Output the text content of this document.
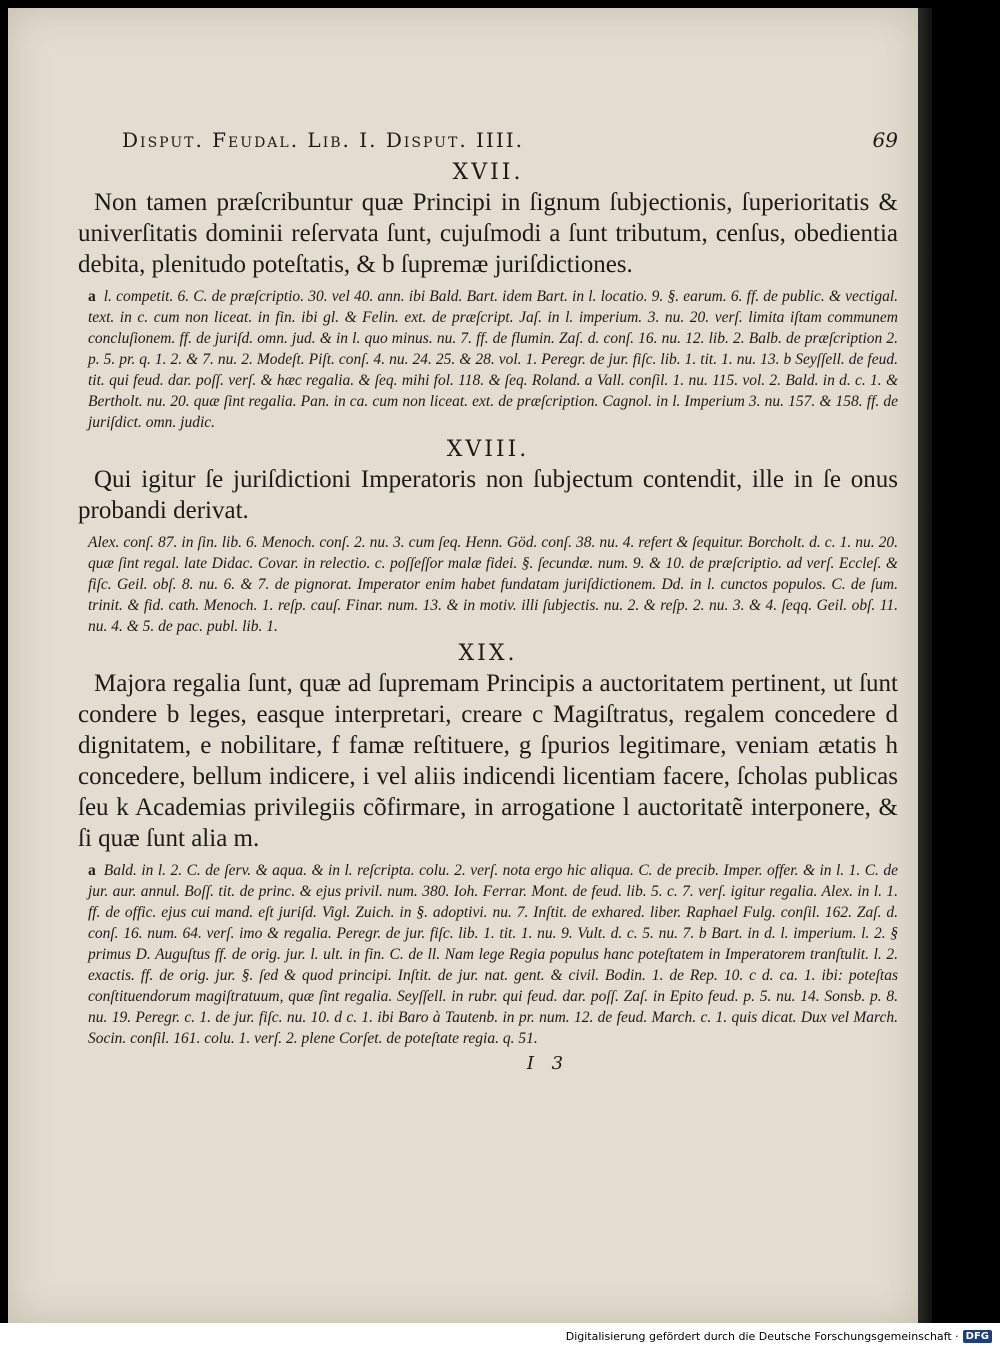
Disput. Feudal. Lib. I. Disput. IIII.	69
XVII.

Non tamen præſcribuntur quæ Principi in ſignum ſubjectionis, ſuperioritatis & univerſitatis dominii reſervata ſunt, cujuſmodi a ſunt tributum, cenſus, obedientia debita, plenitudo poteſtatis, & b ſupremæ juriſdictiones.

a l. competit. 6. C. de præſcriptio. 30. vel 40. ann. ibi Bald. Bart. idem Bart. in l. locatio. 9. §. earum. 6. ff. de public. & vectigal. text. in c. cum non liceat. in fin. ibi gl. & Felin. ext. de præſcript. Jaſ. in l. imperium. 3. nu. 20. verſ. limita iſtam communem concluſionem. ff. de juriſd. omn. jud. & in l. quo minus. nu. 7. ff. de flumin. Zaſ. d. conſ. 16. nu. 12. lib. 2. Balb. de præſcription 2. p. 5. pr. q. 1. 2. & 7. nu. 2. Modeſt. Piſt. conſ. 4. nu. 24. 25. & 28. vol. 1. Peregr. de jur. fiſc. lib. 1. tit. 1. nu. 13. b Seyſſell. de feud. tit. qui feud. dar. poſſ. verſ. & hæc regalia. & ſeq. mihi fol. 118. & ſeq. Roland. a Vall. conſil. 1. nu. 115. vol. 2. Bald. in d. c. 1. & Bertholt. nu. 20. quæ ſint regalia. Pan. in ca. cum non liceat. ext. de præſcription. Cagnol. in l. Imperium 3. nu. 157. & 158. ff. de juriſdict. omn. judic.

XVIII.

Qui igitur ſe juriſdictioni Imperatoris non ſubjectum contendit, ille in ſe onus probandi derivat.

Alex. conſ. 87. in ſin. lib. 6. Menoch. conſ. 2. nu. 3. cum ſeq. Henn. Göd. conſ. 38. nu. 4. refert & ſequitur. Borcholt. d. c. 1. nu. 20. quæ ſint regal. late Didac. Covar. in relectio. c. poſſeſſor malæ fidei. §. ſecundæ. num. 9. & 10. de præſcriptio. ad verſ. Eccleſ. & fiſc. Geil. obſ. 8. nu. 6. & 7. de pignorat. Imperator enim habet fundatam juriſdictionem. Dd. in l. cunctos populos. C. de ſum. trinit. & fid. cath. Menoch. 1. reſp. cauſ. Finar. num. 13. & in motiv. illi ſubjectis. nu. 2. & reſp. 2. nu. 3. & 4. ſeqq. Geil. obſ. 11. nu. 4. & 5. de pac. publ. lib. 1.

XIX.

Majora regalia ſunt, quæ ad ſupremam Principis a auctoritatem pertinent, ut ſunt condere b leges, easque interpretari, creare c Magiſtratus, regalem concedere d dignitatem, e nobilitare, f famæ reſtituere, g ſpurios legitimare, veniam ætatis h concedere, bellum indicere, i vel aliis indicendi licentiam facere, ſcholas publicas ſeu k Academias privilegiis cõfirmare, in arrogatione l auctoritatẽ interponere, & ſi quæ ſunt alia m.

a Bald. in l. 2. C. de ſerv. & aqua. & in l. reſcripta. colu. 2. verſ. nota ergo hic aliqua. C. de precib. Imper. offer. & in l. 1. C. de jur. aur. annul. Boſſ. tit. de princ. & ejus privil. num. 380. Ioh. Ferrar. Mont. de feud. lib. 5. c. 7. verſ. igitur regalia. Alex. in l. 1. ff. de offic. ejus cui mand. eſt juriſd. Vigl. Zuich. in §. adoptivi. nu. 7. Inſtit. de exhared. liber. Raphael Fulg. conſil. 162. Zaſ. d. conſ. 16. num. 64. verſ. imo & regalia. Peregr. de jur. fiſc. lib. 1. tit. 1. nu. 9. Vult. d. c. 5. nu. 7. b Bart. in d. l. imperium. l. 2. § primus D. Auguſtus ff. de orig. jur. l. ult. in fin. C. de ll. Nam lege Regia populus hanc poteſtatem in Imperatorem tranſtulit. l. 2. exactis. ff. de orig. jur. §. ſed & quod principi. Inſtit. de jur. nat. gent. & civil. Bodin. 1. de Rep. 10. c d. ca. 1. ibi: poteſtas conſtituendorum magiſtratuum, quæ ſint regalia. Seyſſell. in rubr. qui feud. dar. poſſ. Zaſ. in Epito feud. p. 5. nu. 14. Sonsb. p. 8. nu. 19. Peregr. c. 1. de jur. fiſc. nu. 10. d c. 1. ibi Baro à Tautenb. in pr. num. 12. de feud. March. c. 1. quis dicat. Dux vel March. Socin. conſil. 161. colu. 1. verſ. 2. plene Corſet. de poteſtate regia. q. 51.

I 3
Digitalisierung gefördert durch die Deutsche Forschungsgemeinschaft · DFG
